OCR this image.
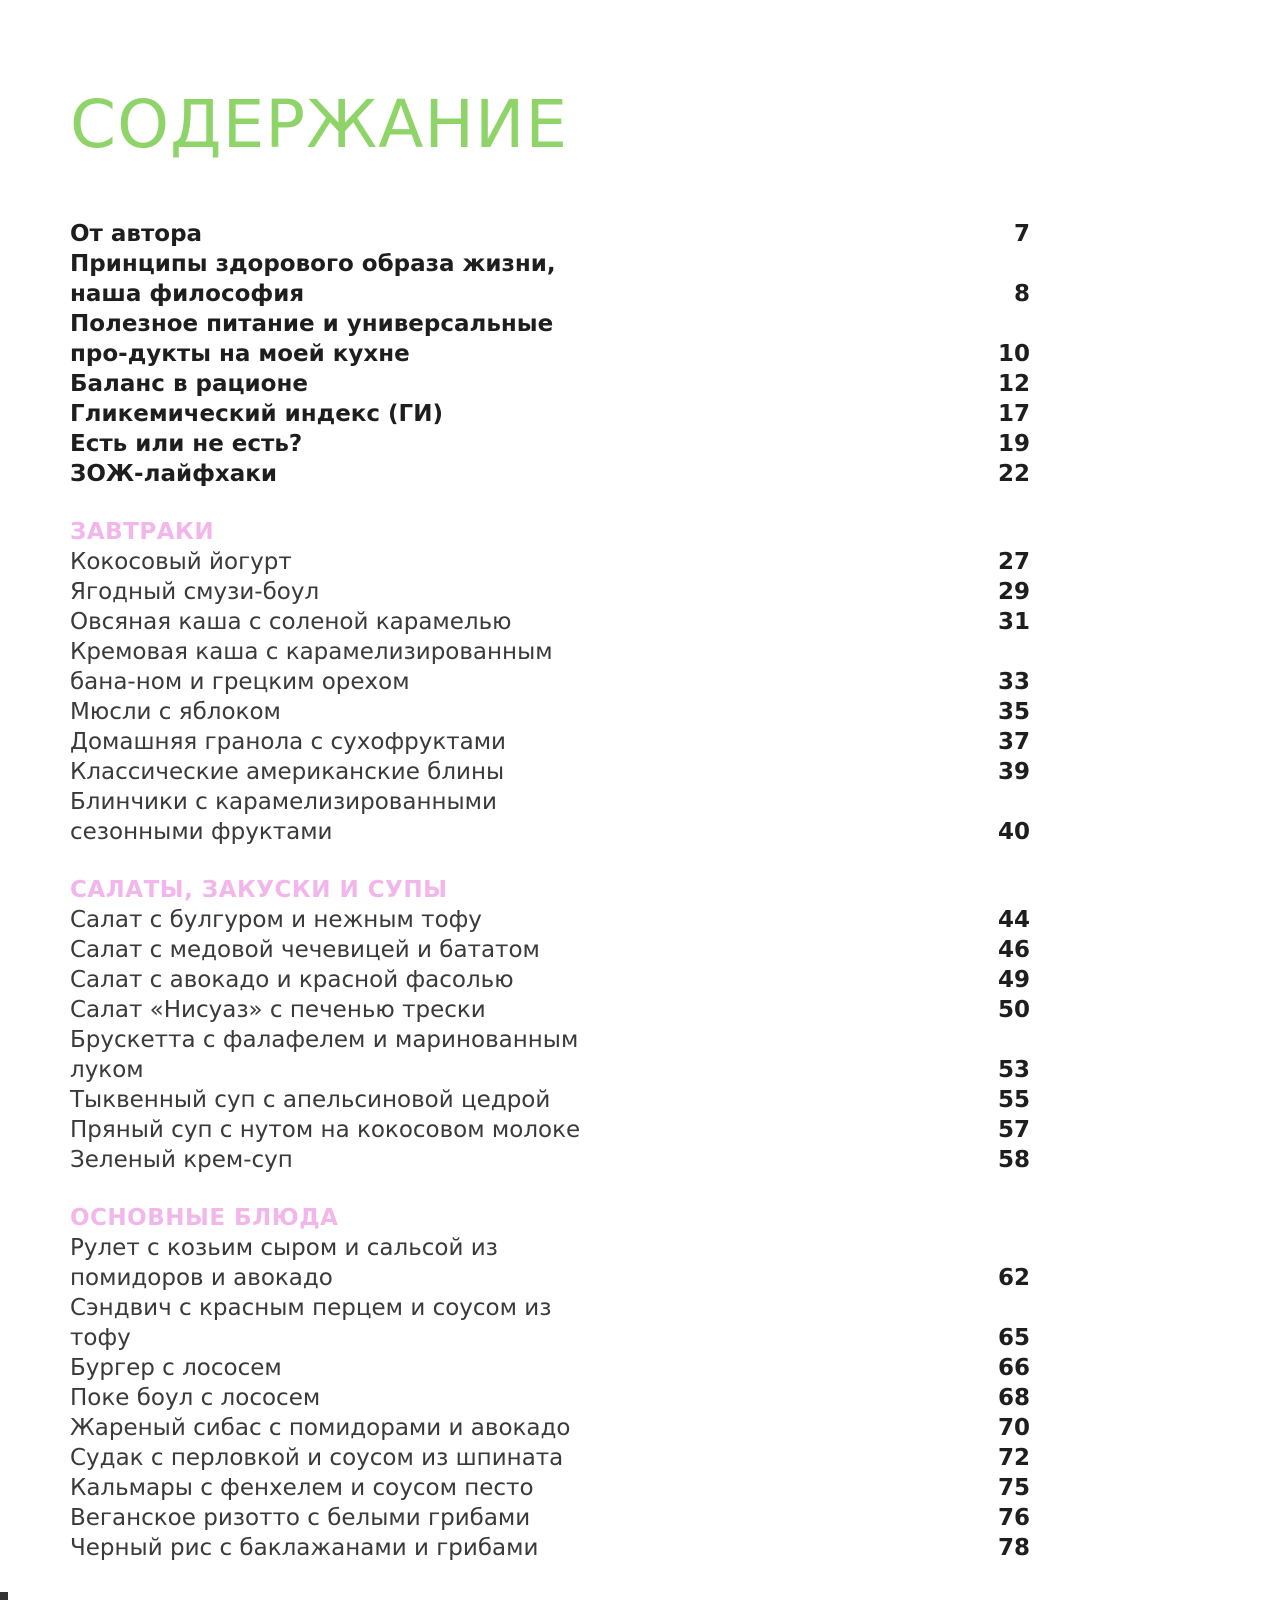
СОДЕРЖАНИЕ
От автора	7
Принципы здорового образа жизни, наша философия	8
Полезное питание и универсальные про-дукты на моей кухне	10
Баланс в рационе	12
Гликемический индекс (ГИ)	17
Есть или не есть?	19
ЗОЖ-лайфхаки	22
ЗАВТРАКИ
Кокосовый йогурт	27
Ягодный смузи-боул	29
Овсяная каша с соленой карамелью	31
Кремовая каша с карамелизированным бана-ном и грецким орехом	33
Мюсли с яблоком	35
Домашняя гранола с сухофруктами	37
Классические американские блины	39
Блинчики с карамелизированными сезонными фруктами	40
САЛАТЫ, ЗАКУСКИ И СУПЫ
Салат с булгуром и нежным тофу	44
Салат с медовой чечевицей и бататом	46
Салат с авокадо и красной фасолью	49
Салат «Нисуаз» с печенью трески	50
Брускетта с фалафелем и маринованным луком	53
Тыквенный суп с апельсиновой цедрой	55
Пряный суп с нутом на кокосовом молоке	57
Зеленый крем-суп	58
ОСНОВНЫЕ БЛЮДА
Рулет с козьим сыром и сальсой из помидоров и авокадо	62
Сэндвич с красным перцем и соусом из тофу	65
Бургер с лососем	66
Поке боул с лососем	68
Жареный сибас с помидорами и авокадо	70
Судак с перловкой и соусом из шпината	72
Кальмары с фенхелем и соусом песто	75
Веганское ризотто с белыми грибами	76
Черный рис с баклажанами и грибами	78
